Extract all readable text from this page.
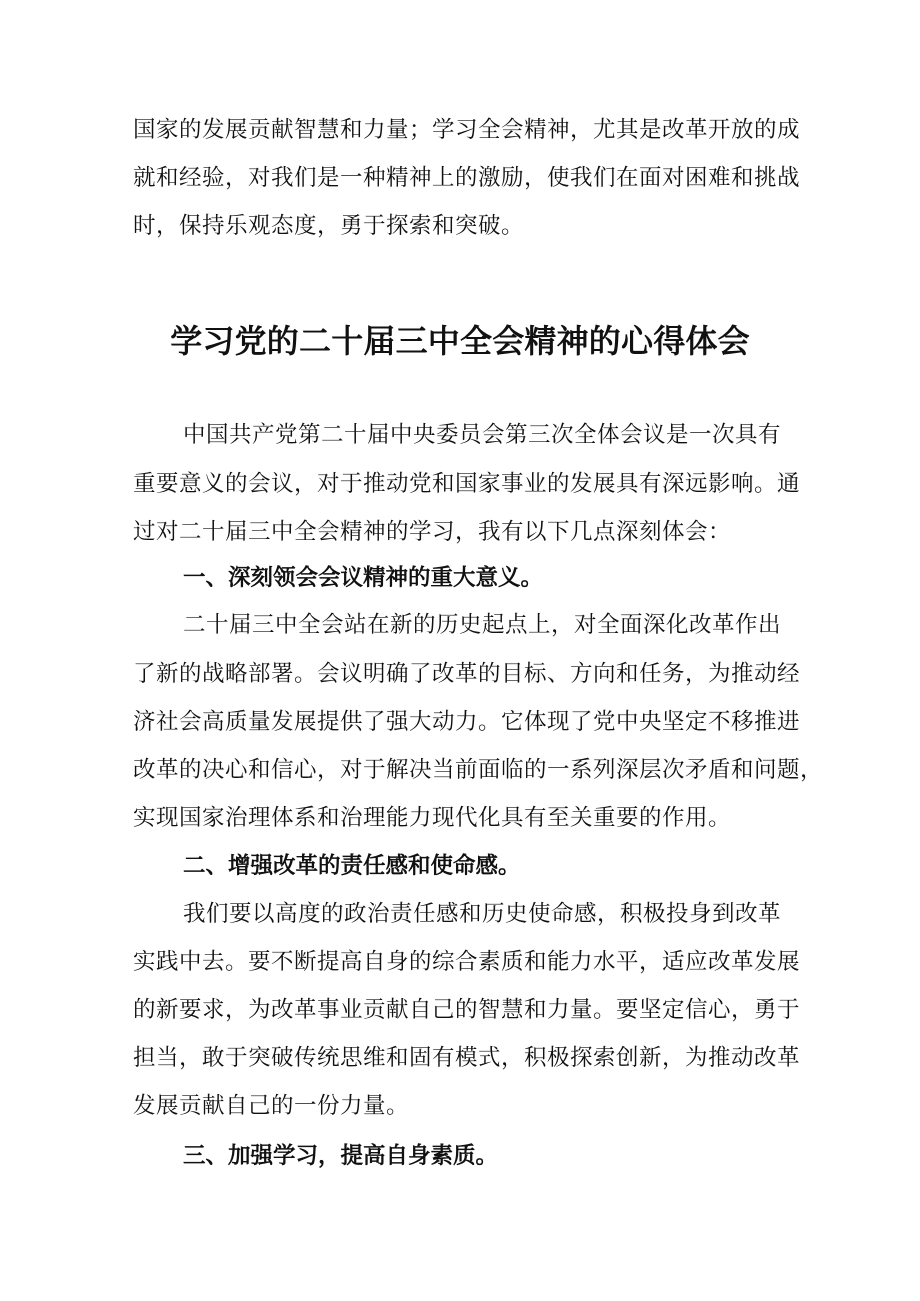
国家的发展贡献智慧和力量；学习全会精神，尤其是改革开放的成

就和经验，对我们是一种精神上的激励，使我们在面对困难和挑战

时，保持乐观态度，勇于探索和突破。

学习党的二十届三中全会精神的心得体会

中国共产党第二十届中央委员会第三次全体会议是一次具有

重要意义的会议，对于推动党和国家事业的发展具有深远影响。通

过对二十届三中全会精神的学习，我有以下几点深刻体会：

一、深刻领会会议精神的重大意义。

二十届三中全会站在新的历史起点上，对全面深化改革作出

了新的战略部署。会议明确了改革的目标、方向和任务，为推动经

济社会高质量发展提供了强大动力。它体现了党中央坚定不移推进

改革的决心和信心，对于解决当前面临的一系列深层次矛盾和问题，

实现国家治理体系和治理能力现代化具有至关重要的作用。

二、增强改革的责任感和使命感。

我们要以高度的政治责任感和历史使命感，积极投身到改革

实践中去。要不断提高自身的综合素质和能力水平，适应改革发展

的新要求，为改革事业贡献自己的智慧和力量。要坚定信心，勇于

担当，敢于突破传统思维和固有模式，积极探索创新，为推动改革

发展贡献自己的一份力量。

三、加强学习，提高自身素质。
